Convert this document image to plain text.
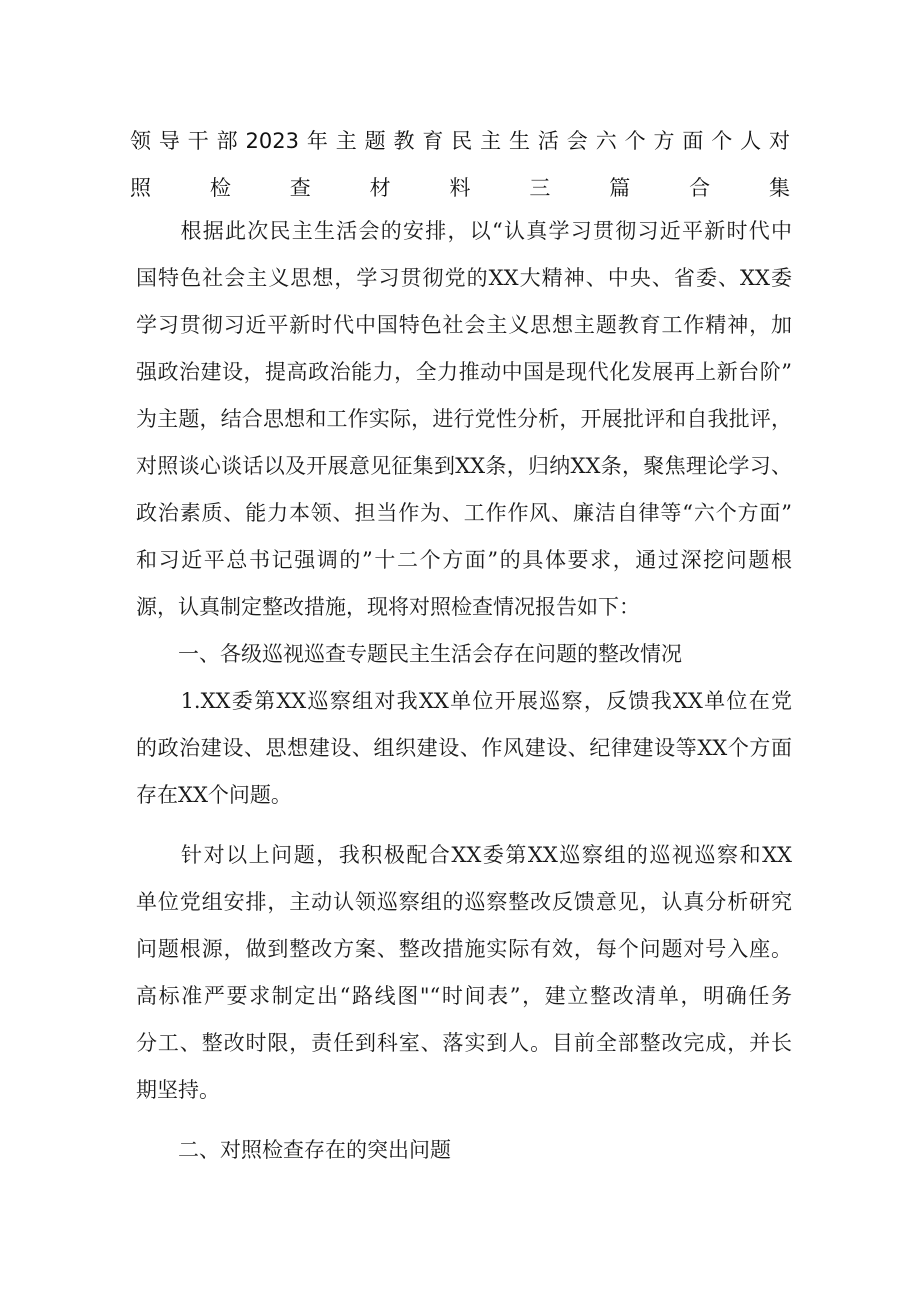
领导干部2023年主题教育民主生活会六个方面个人对
照检查材料三篇合集
　　根据此次民主生活会的安排，以“认真学习贯彻习近平新时代中
国特色社会主义思想，学习贯彻党的XX大精神、中央、省委、XX委
学习贯彻习近平新时代中国特色社会主义思想主题教育工作精神，加
强政治建设，提高政治能力，全力推动中国是现代化发展再上新台阶”
为主题，结合思想和工作实际，进行党性分析，开展批评和自我批评，
对照谈心谈话以及开展意见征集到XX条，归纳XX条，聚焦理论学习、
政治素质、能力本领、担当作为、工作作风、廉洁自律等“六个方面”
和习近平总书记强调的”十二个方面”的具体要求，通过深挖问题根
源，认真制定整改措施，现将对照检查情况报告如下：
　　一、各级巡视巡查专题民主生活会存在问题的整改情况
　　1.XX委第XX巡察组对我XX单位开展巡察，反馈我XX单位在党
的政治建设、思想建设、组织建设、作风建设、纪律建设等XX个方面
存在XX个问题。
　　针对以上问题，我积极配合XX委第XX巡察组的巡视巡察和XX
单位党组安排，主动认领巡察组的巡察整改反馈意见，认真分析研究
问题根源，做到整改方案、整改措施实际有效，每个问题对号入座。
高标准严要求制定出“路线图"“时间表”，建立整改清单，明确任务
分工、整改时限，责任到科室、落实到人。目前全部整改完成，并长
期坚持。
　　二、对照检查存在的突出问题
